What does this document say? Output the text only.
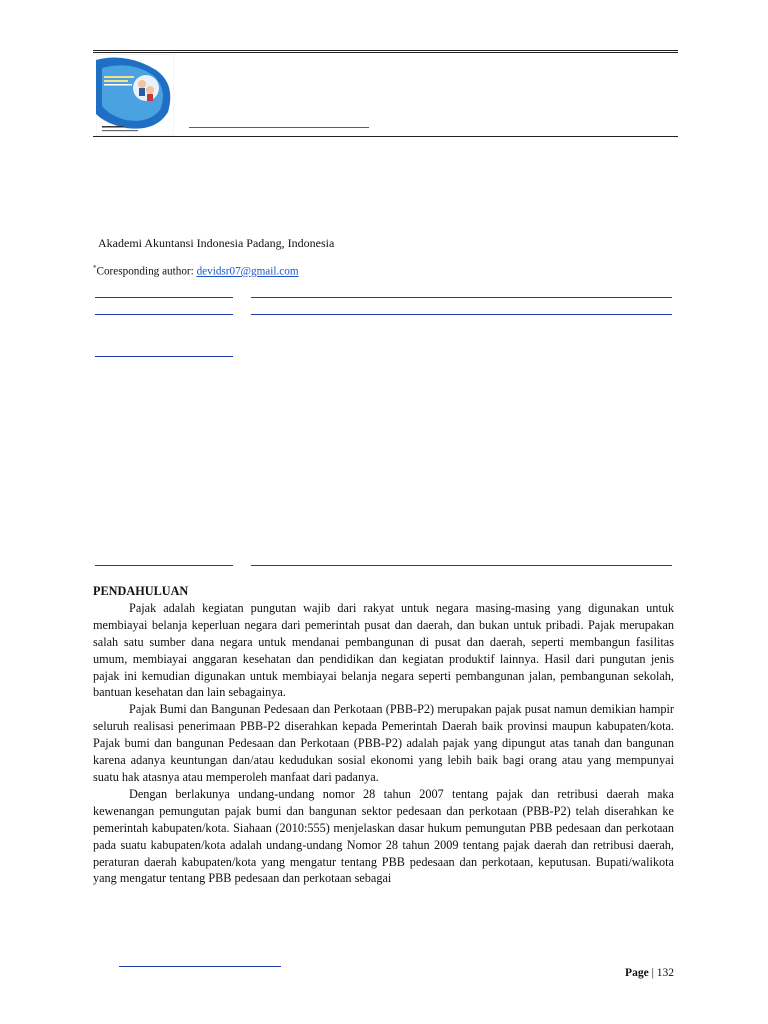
Akademi Akuntansi Indonesia Padang, Indonesia
*Coresponding author: devidsr07@gmail.com
PENDAHULUAN

Pajak adalah kegiatan pungutan wajib dari rakyat untuk negara masing-masing yang digunakan untuk membiayai belanja keperluan negara dari pemerintah pusat dan daerah, dan bukan untuk pribadi. Pajak merupakan salah satu sumber dana negara untuk mendanai pembangunan di pusat dan daerah, seperti membangun fasilitas umum, membiayai anggaran kesehatan dan pendidikan dan kegiatan produktif lainnya. Hasil dari pungutan jenis pajak ini kemudian digunakan untuk membiayai belanja negara seperti pembangunan jalan, pembangunan sekolah, bantuan kesehatan dan lain sebagainya.

Pajak Bumi dan Bangunan Pedesaan dan Perkotaan (PBB-P2) merupakan pajak pusat namun demikian hampir seluruh realisasi penerimaan PBB-P2 diserahkan kepada Pemerintah Daerah baik provinsi maupun kabupaten/kota. Pajak bumi dan bangunan Pedesaan dan Perkotaan (PBB-P2) adalah pajak yang dipungut atas tanah dan bangunan karena adanya keuntungan dan/atau kedudukan sosial ekonomi yang lebih baik bagi orang atau yang mempunyai suatu hak atasnya atau memperoleh manfaat dari padanya.

Dengan berlakunya undang-undang nomor 28 tahun 2007 tentang pajak dan retribusi daerah maka kewenangan pemungutan pajak bumi dan bangunan sektor pedesaan dan perkotaan (PBB-P2) telah diserahkan ke pemerintah kabupaten/kota. Siahaan (2010:555) menjelaskan dasar hukum pemungutan PBB pedesaan dan perkotaan pada suatu kabupaten/kota adalah undang-undang Nomor 28 tahun 2009 tentang pajak daerah dan retribusi daerah, peraturan daerah kabupaten/kota yang mengatur tentang PBB pedesaan dan perkotaan, keputusan. Bupati/walikota yang mengatur tentang PBB pedesaan dan perkotaan sebagai

Page | 132
